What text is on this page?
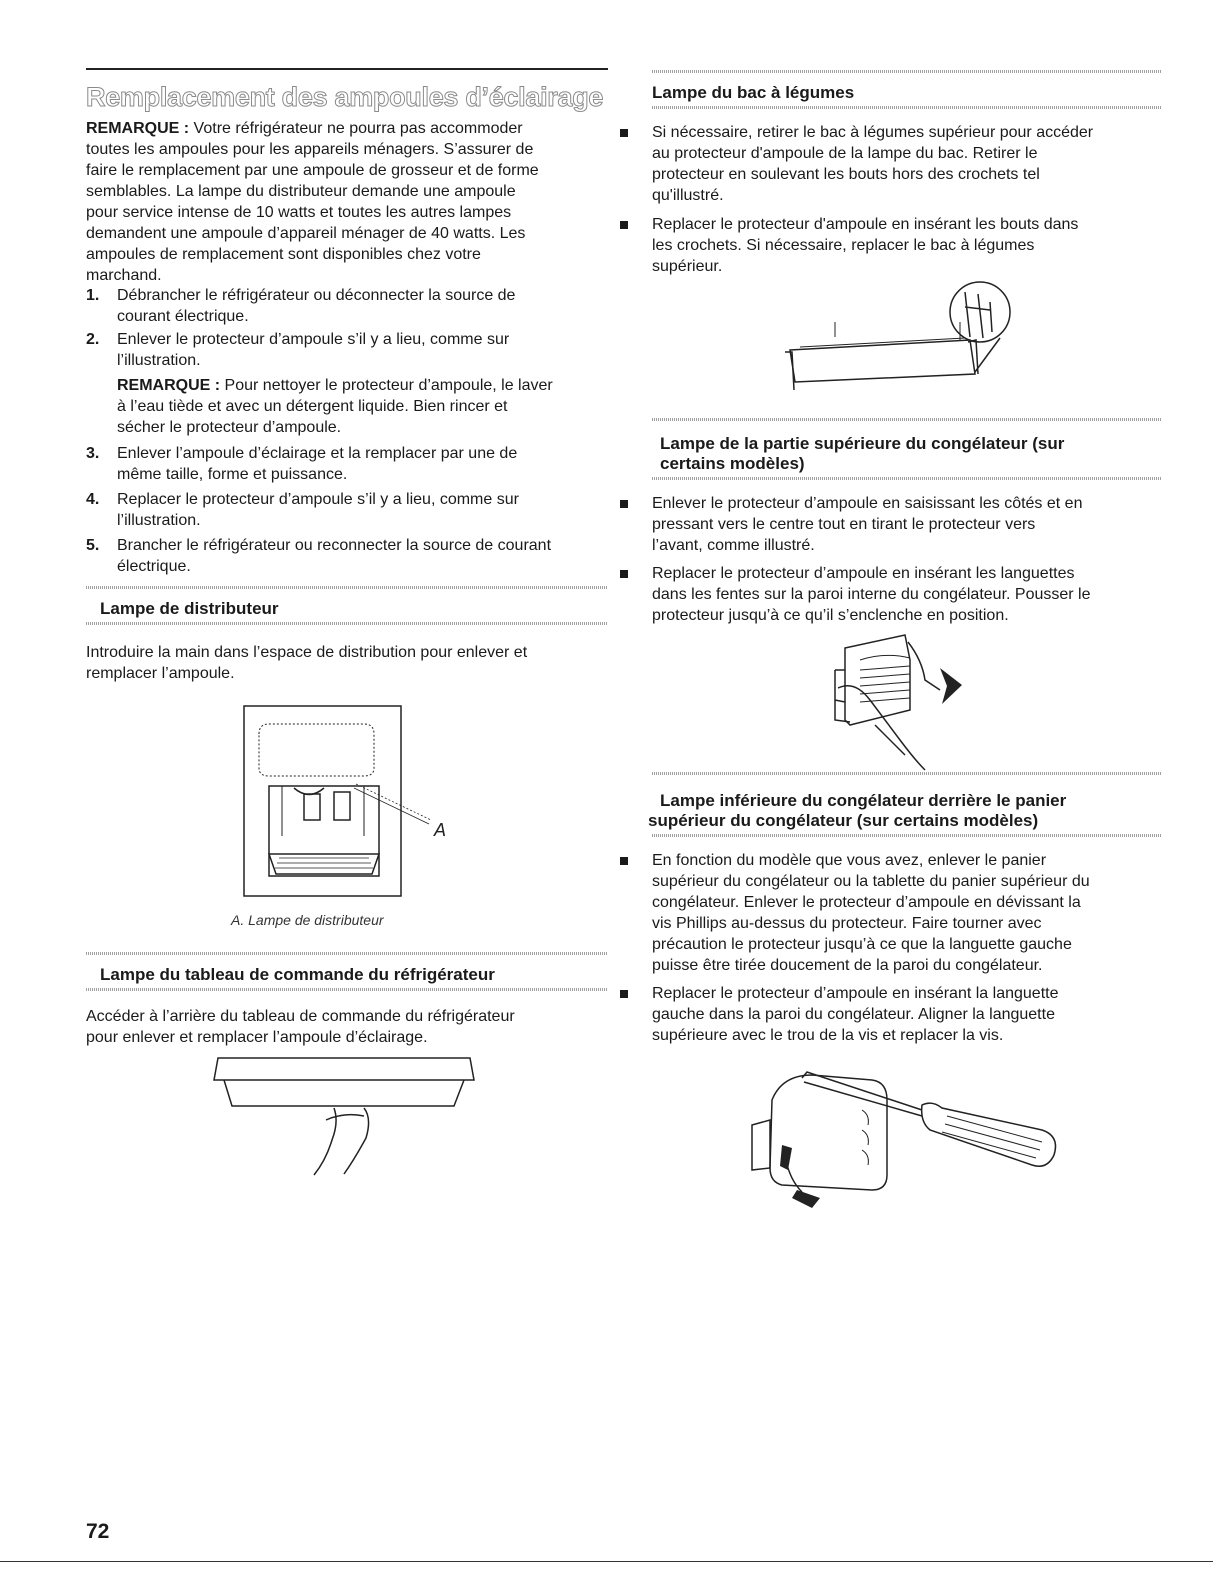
Remplacement des ampoules d’éclairage

REMARQUE : Votre réfrigérateur ne pourra pas accommoder

toutes les ampoules pour les appareils ménagers. S’assurer de

faire le remplacement par une ampoule de grosseur et de forme

semblables. La lampe du distributeur demande une ampoule

pour service intense de 10 watts et toutes les autres lampes

demandent une ampoule d’appareil ménager de 40 watts. Les

ampoules de remplacement sont disponibles chez votre

marchand.

1. Débrancher le réfrigérateur ou déconnecter la source de

courant électrique.

2. Enlever le protecteur d’ampoule s’il y a lieu, comme sur

l’illustration.

REMARQUE : Pour nettoyer le protecteur d’ampoule, le laver

à l’eau tiède et avec un détergent liquide. Bien rincer et

sécher le protecteur d’ampoule.

3. Enlever l’ampoule d’éclairage et la remplacer par une de

même taille, forme et puissance.

4. Replacer le protecteur d’ampoule s’il y a lieu, comme sur

l’illustration.

5. Brancher le réfrigérateur ou reconnecter la source de courant

électrique.

Lampe de distributeur

Introduire la main dans l’espace de distribution pour enlever et

remplacer l’ampoule.

A
A. Lampe de distributeur
Lampe du tableau de commande du réfrigérateur

Accéder à l’arrière du tableau de commande du réfrigérateur

pour enlever et remplacer l’ampoule d’éclairage.

72
Lampe du bac à légumes

Si nécessaire, retirer le bac à légumes supérieur pour accéder

au protecteur d'ampoule de la lampe du bac. Retirer le

protecteur en soulevant les bouts hors des crochets tel

qu'illustré.

Replacer le protecteur d'ampoule en insérant les bouts dans

les crochets. Si nécessaire, replacer le bac à légumes

supérieur.

Lampe de la partie supérieure du congélateur (sur
certains modèles)

Enlever le protecteur d’ampoule en saisissant les côtés et en

pressant vers le centre tout en tirant le protecteur vers

l’avant, comme illustré.

Replacer le protecteur d’ampoule en insérant les languettes

dans les fentes sur la paroi interne du congélateur. Pousser le

protecteur jusqu’à ce qu’il s’enclenche en position.

Lampe inférieure du congélateur derrière le panier
supérieur du congélateur (sur certains modèles)

En fonction du modèle que vous avez, enlever le panier

supérieur du congélateur ou la tablette du panier supérieur du

congélateur. Enlever le protecteur d’ampoule en dévissant la

vis Phillips au-dessus du protecteur. Faire tourner avec

précaution le protecteur jusqu’à ce que la languette gauche

puisse être tirée doucement de la paroi du congélateur.

Replacer le protecteur d’ampoule en insérant la languette

gauche dans la paroi du congélateur. Aligner la languette

supérieure avec le trou de la vis et replacer la vis.
